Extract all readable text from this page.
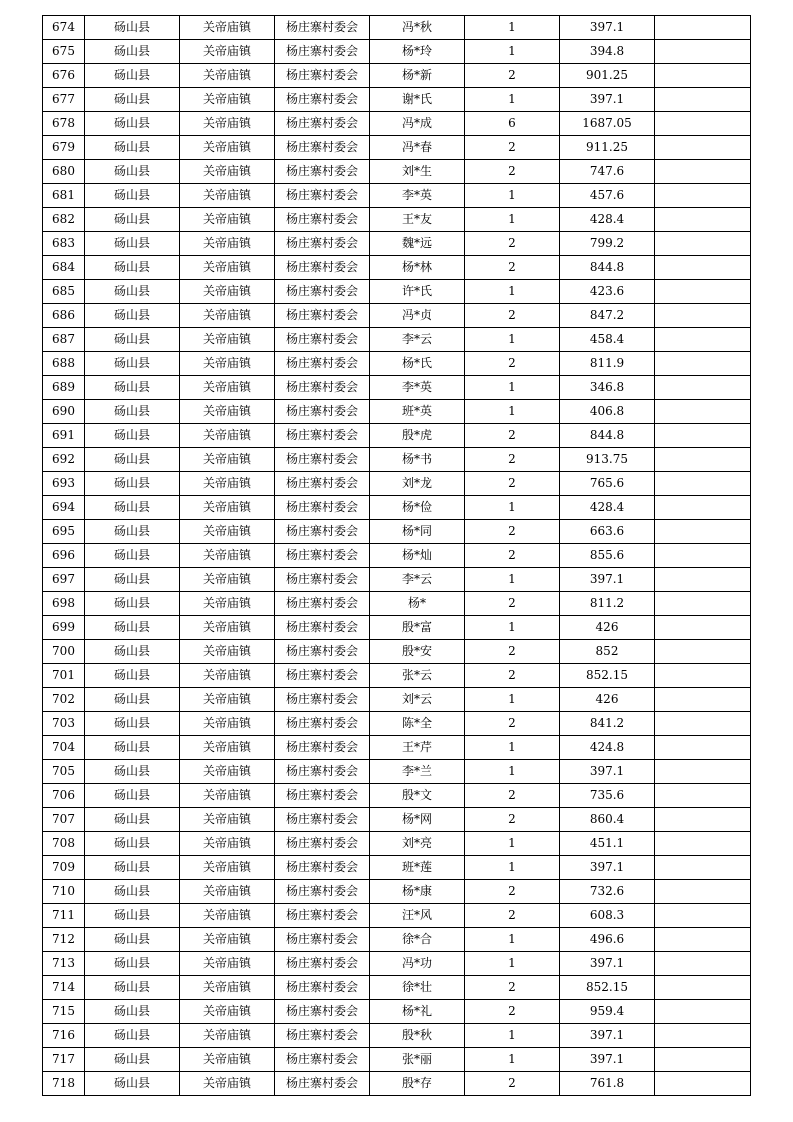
674	砀山县	关帝庙镇	杨庄寨村委会	冯*秋	1	397.1	
675	砀山县	关帝庙镇	杨庄寨村委会	杨*玲	1	394.8	
676	砀山县	关帝庙镇	杨庄寨村委会	杨*新	2	901.25	
677	砀山县	关帝庙镇	杨庄寨村委会	谢*氏	1	397.1	
678	砀山县	关帝庙镇	杨庄寨村委会	冯*成	6	1687.05	
679	砀山县	关帝庙镇	杨庄寨村委会	冯*春	2	911.25	
680	砀山县	关帝庙镇	杨庄寨村委会	刘*生	2	747.6	
681	砀山县	关帝庙镇	杨庄寨村委会	李*英	1	457.6	
682	砀山县	关帝庙镇	杨庄寨村委会	王*友	1	428.4	
683	砀山县	关帝庙镇	杨庄寨村委会	魏*远	2	799.2	
684	砀山县	关帝庙镇	杨庄寨村委会	杨*林	2	844.8	
685	砀山县	关帝庙镇	杨庄寨村委会	许*氏	1	423.6	
686	砀山县	关帝庙镇	杨庄寨村委会	冯*贞	2	847.2	
687	砀山县	关帝庙镇	杨庄寨村委会	李*云	1	458.4	
688	砀山县	关帝庙镇	杨庄寨村委会	杨*氏	2	811.9	
689	砀山县	关帝庙镇	杨庄寨村委会	李*英	1	346.8	
690	砀山县	关帝庙镇	杨庄寨村委会	班*英	1	406.8	
691	砀山县	关帝庙镇	杨庄寨村委会	殷*虎	2	844.8	
692	砀山县	关帝庙镇	杨庄寨村委会	杨*书	2	913.75	
693	砀山县	关帝庙镇	杨庄寨村委会	刘*龙	2	765.6	
694	砀山县	关帝庙镇	杨庄寨村委会	杨*俭	1	428.4	
695	砀山县	关帝庙镇	杨庄寨村委会	杨*同	2	663.6	
696	砀山县	关帝庙镇	杨庄寨村委会	杨*灿	2	855.6	
697	砀山县	关帝庙镇	杨庄寨村委会	李*云	1	397.1	
698	砀山县	关帝庙镇	杨庄寨村委会	杨*	2	811.2	
699	砀山县	关帝庙镇	杨庄寨村委会	殷*富	1	426	
700	砀山县	关帝庙镇	杨庄寨村委会	殷*安	2	852	
701	砀山县	关帝庙镇	杨庄寨村委会	张*云	2	852.15	
702	砀山县	关帝庙镇	杨庄寨村委会	刘*云	1	426	
703	砀山县	关帝庙镇	杨庄寨村委会	陈*全	2	841.2	
704	砀山县	关帝庙镇	杨庄寨村委会	王*芹	1	424.8	
705	砀山县	关帝庙镇	杨庄寨村委会	李*兰	1	397.1	
706	砀山县	关帝庙镇	杨庄寨村委会	殷*文	2	735.6	
707	砀山县	关帝庙镇	杨庄寨村委会	杨*网	2	860.4	
708	砀山县	关帝庙镇	杨庄寨村委会	刘*亮	1	451.1	
709	砀山县	关帝庙镇	杨庄寨村委会	班*莲	1	397.1	
710	砀山县	关帝庙镇	杨庄寨村委会	杨*康	2	732.6	
711	砀山县	关帝庙镇	杨庄寨村委会	汪*风	2	608.3	
712	砀山县	关帝庙镇	杨庄寨村委会	徐*合	1	496.6	
713	砀山县	关帝庙镇	杨庄寨村委会	冯*功	1	397.1	
714	砀山县	关帝庙镇	杨庄寨村委会	徐*壮	2	852.15	
715	砀山县	关帝庙镇	杨庄寨村委会	杨*礼	2	959.4	
716	砀山县	关帝庙镇	杨庄寨村委会	殷*秋	1	397.1	
717	砀山县	关帝庙镇	杨庄寨村委会	张*丽	1	397.1	
718	砀山县	关帝庙镇	杨庄寨村委会	殷*存	2	761.8	
